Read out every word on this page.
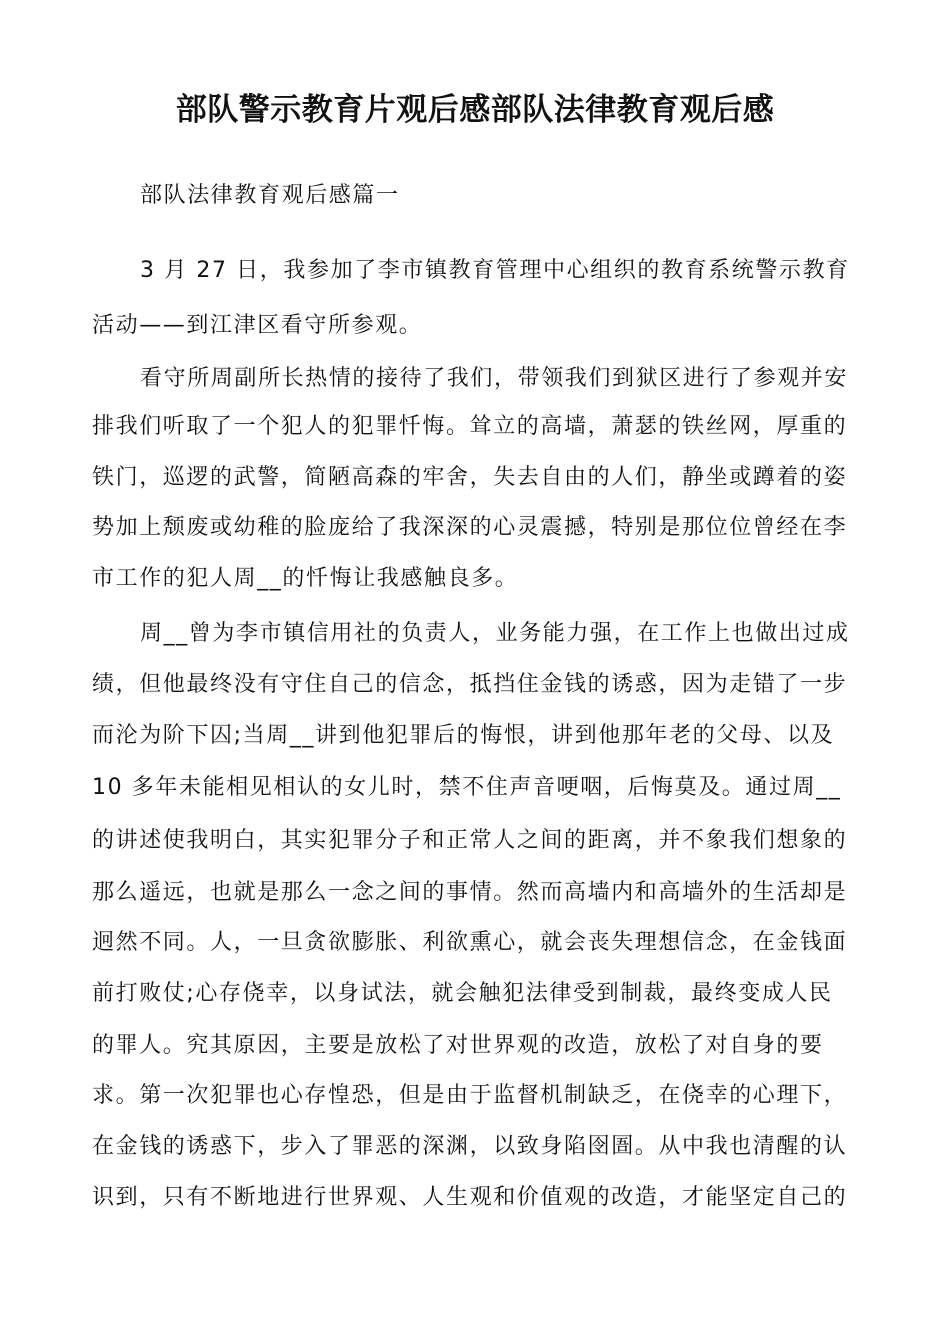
部队警示教育片观后感部队法律教育观后感
部队法律教育观后感篇一
3 月 27 日，我参加了李市镇教育管理中心组织的教育系统警示教育
活动——到江津区看守所参观。
看守所周副所长热情的接待了我们，带领我们到狱区进行了参观并安
排我们听取了一个犯人的犯罪忏悔。耸立的高墙，萧瑟的铁丝网，厚重的
铁门，巡逻的武警，简陋高森的牢舍，失去自由的人们，静坐或蹲着的姿
势加上颓废或幼稚的脸庞给了我深深的心灵震撼，特别是那位位曾经在李
市工作的犯人周__的忏悔让我感触良多。
周__曾为李市镇信用社的负责人，业务能力强，在工作上也做出过成
绩，但他最终没有守住自己的信念，抵挡住金钱的诱惑，因为走错了一步
而沦为阶下囚;当周__讲到他犯罪后的悔恨，讲到他那年老的父母、以及
10 多年未能相见相认的女儿时，禁不住声音哽咽，后悔莫及。通过周__
的讲述使我明白，其实犯罪分子和正常人之间的距离，并不象我们想象的
那么遥远，也就是那么一念之间的事情。然而高墙内和高墙外的生活却是
迥然不同。人，一旦贪欲膨胀、利欲熏心，就会丧失理想信念，在金钱面
前打败仗;心存侥幸，以身试法，就会触犯法律受到制裁，最终变成人民
的罪人。究其原因，主要是放松了对世界观的改造，放松了对自身的要
求。第一次犯罪也心存惶恐，但是由于监督机制缺乏，在侥幸的心理下，
在金钱的诱惑下，步入了罪恶的深渊，以致身陷囹圄。从中我也清醒的认
识到，只有不断地进行世界观、人生观和价值观的改造，才能坚定自己的
